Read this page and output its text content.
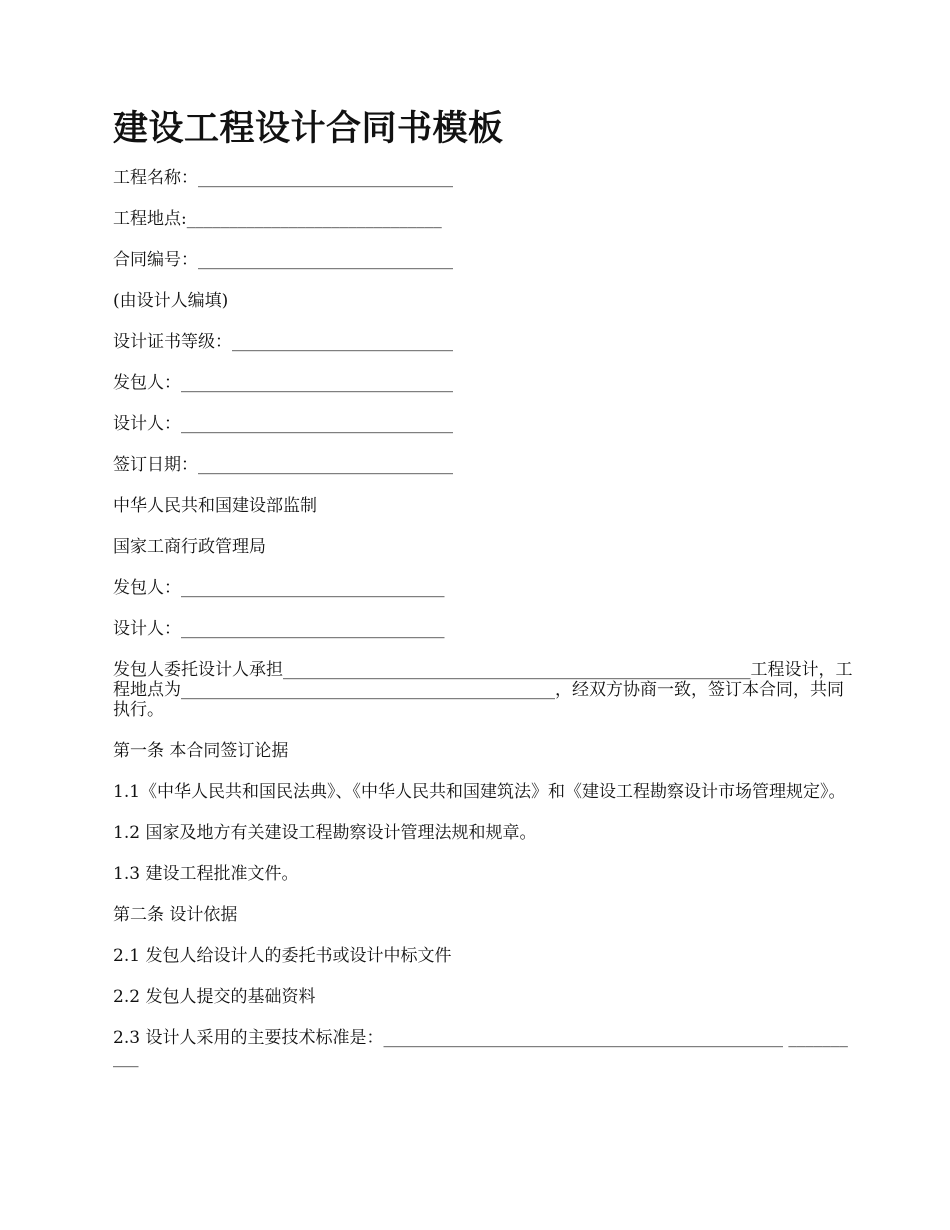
建设工程设计合同书模板

工程名称：______________________________

工程地点:______________________________

合同编号：______________________________

(由设计人编填)

设计证书等级：__________________________

发包人：________________________________

设计人：________________________________

签订日期：______________________________

中华人民共和国建设部监制

国家工商行政管理局

发包人：_______________________________

设计人：_______________________________

发包人委托设计人承担_______________________________________________________工程设计，工程地点为____________________________________________，经双方协商一致，签订本合同，共同执行。

第一条 本合同签订论据

1.1《中华人民共和国民法典》、《中华人民共和国建筑法》和《建设工程勘察设计市场管理规定》。

1.2 国家及地方有关建设工程勘察设计管理法规和规章。

1.3 建设工程批准文件。

第二条 设计依据

2.1 发包人给设计人的委托书或设计中标文件

2.2 发包人提交的基础资料

2.3 设计人采用的主要技术标准是：_______________________________________________ __________
